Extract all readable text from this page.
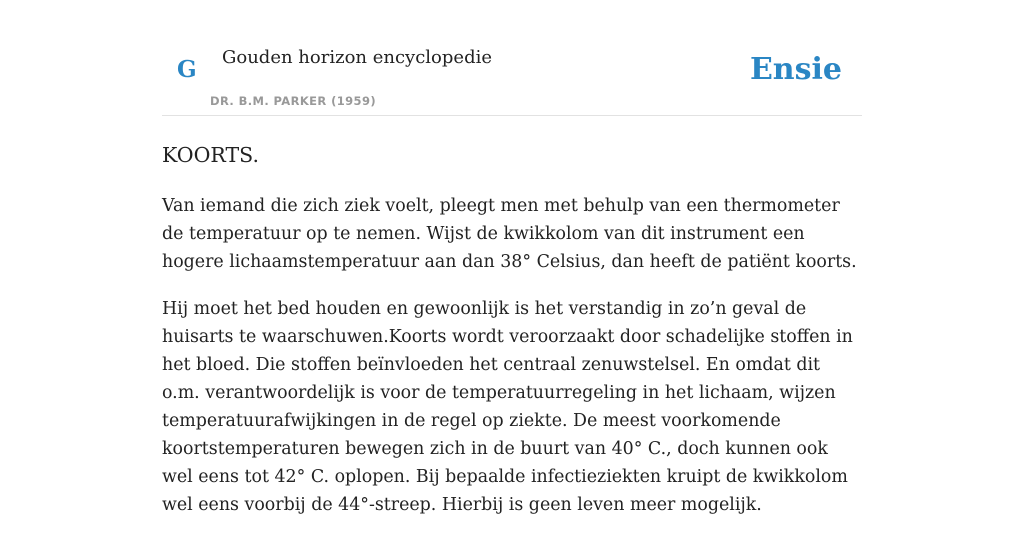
G Gouden horizon encyclopedie
DR. B.M. PARKER (1959)
Ensie
KOORTS.

Van iemand die zich ziek voelt, pleegt men met behulp van een thermometer de temperatuur op te nemen. Wijst de kwikkolom van dit instrument een hogere lichaamstemperatuur aan dan 38° Celsius, dan heeft de patiënt koorts.

Hij moet het bed houden en gewoonlijk is het verstandig in zo’n geval de huisarts te waarschuwen.Koorts wordt veroorzaakt door schadelijke stoffen in het bloed. Die stoffen beïnvloeden het centraal zenuwstelsel. En omdat dit o.m. verantwoordelijk is voor de temperatuurregeling in het lichaam, wijzen temperatuurafwijkingen in de regel op ziekte. De meest voorkomende koortstemperaturen bewegen zich in de buurt van 40° C., doch kunnen ook wel eens tot 42° C. oplopen. Bij bepaalde infectieziekten kruipt de kwikkolom wel eens voorbij de 44°-streep. Hierbij is geen leven meer mogelijk.
